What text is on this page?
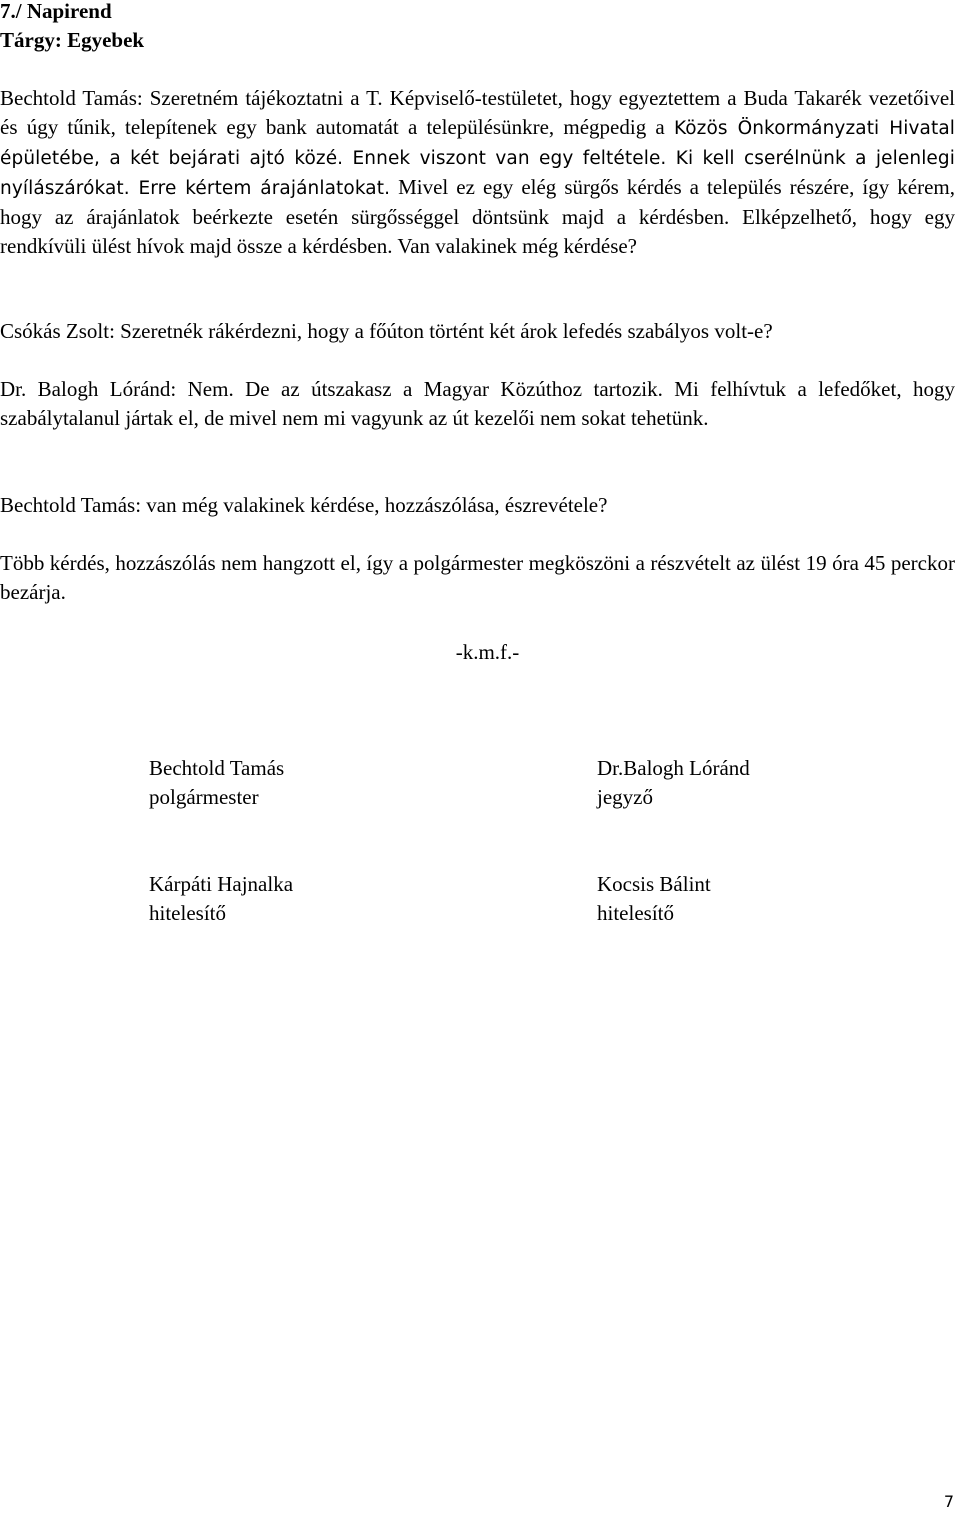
7./ Napirend
Tárgy: Egyebek

Bechtold Tamás: Szeretném tájékoztatni a T. Képviselő-testületet, hogy egyeztettem a Buda Takarék vezetőivel és úgy tűnik, telepítenek egy bank automatát a településünkre, mégpedig a Közös Önkormányzati Hivatal épületébe, a két bejárati ajtó közé. Ennek viszont van egy feltétele. Ki kell cserélnünk a jelenlegi nyílászárókat. Erre kértem árajánlatokat. Mivel ez egy elég sürgős kérdés a település részére, így kérem, hogy az árajánlatok beérkezte esetén sürgősséggel döntsünk majd a kérdésben. Elképzelhető, hogy egy rendkívüli ülést hívok majd össze a kérdésben. Van valakinek még kérdése?

Csókás Zsolt: Szeretnék rákérdezni, hogy a főúton történt két árok lefedés szabályos volt-e?

Dr. Balogh Lóránd: Nem. De az útszakasz a Magyar Közúthoz tartozik. Mi felhívtuk a lefedőket, hogy szabálytalanul jártak el, de mivel nem mi vagyunk az út kezelői nem sokat tehetünk.

Bechtold Tamás: van még valakinek kérdése, hozzászólása, észrevétele?

Több kérdés, hozzászólás nem hangzott el, így a polgármester megköszöni a részvételt az ülést 19 óra 45 perckor bezárja.

-k.m.f.-
Bechtold Tamás
polgármester
Dr.Balogh Lóránd
jegyző
Kárpáti Hajnalka
hitelesítő
Kocsis Bálint
hitelesítő
7
